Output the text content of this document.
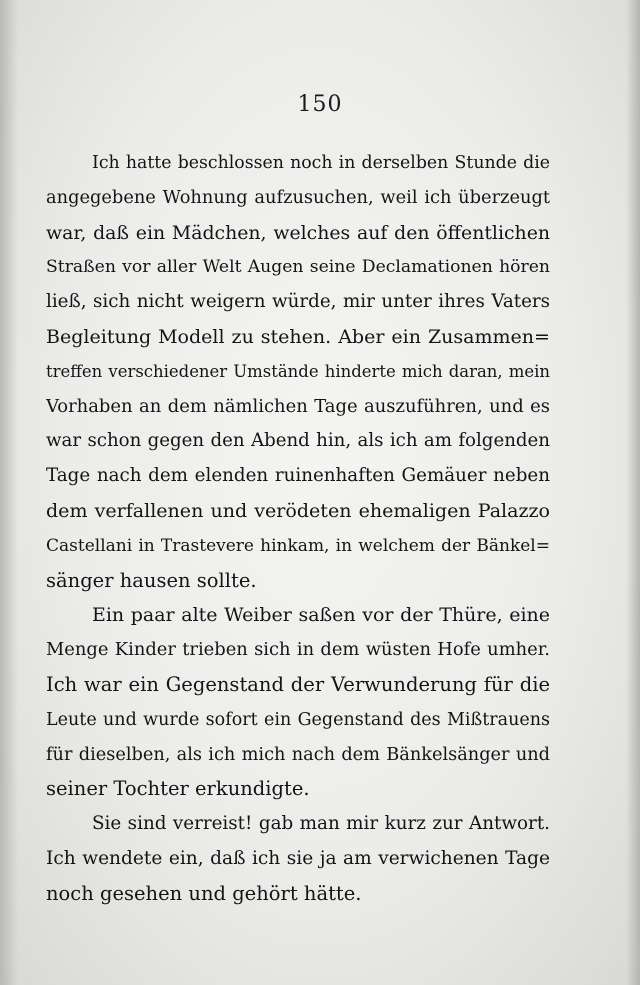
150
Ich hatte beschlossen noch in derselben Stunde die
angegebene Wohnung aufzusuchen, weil ich überzeugt
war, daß ein Mädchen, welches auf den öffentlichen
Straßen vor aller Welt Augen seine Declamationen hören
ließ, sich nicht weigern würde, mir unter ihres Vaters
Begleitung Modell zu stehen. Aber ein Zusammen=
treffen verschiedener Umstände hinderte mich daran, mein
Vorhaben an dem nämlichen Tage auszuführen, und es
war schon gegen den Abend hin, als ich am folgenden
Tage nach dem elenden ruinenhaften Gemäuer neben
dem verfallenen und verödeten ehemaligen Palazzo
Castellani in Trastevere hinkam, in welchem der Bänkel=
sänger hausen sollte.
Ein paar alte Weiber saßen vor der Thüre, eine
Menge Kinder trieben sich in dem wüsten Hofe umher.
Ich war ein Gegenstand der Verwunderung für die
Leute und wurde sofort ein Gegenstand des Mißtrauens
für dieselben, als ich mich nach dem Bänkelsänger und
seiner Tochter erkundigte.
Sie sind verreist! gab man mir kurz zur Antwort.
Ich wendete ein, daß ich sie ja am verwichenen Tage
noch gesehen und gehört hätte.
